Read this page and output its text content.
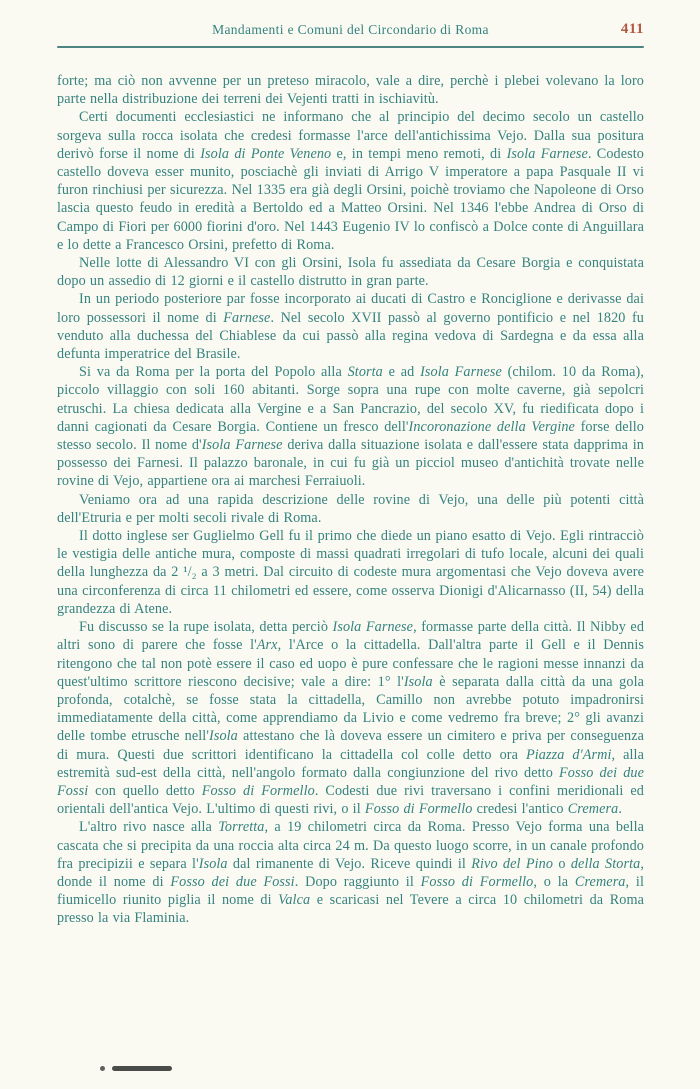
Mandamenti e Comuni del Circondario di Roma	411

forte; ma ciò non avvenne per un preteso miracolo, vale a dire, perchè i plebei volevano la loro parte nella distribuzione dei terreni dei Vejenti tratti in ischiavitù.

Certi documenti ecclesiastici ne informano che al principio del decimo secolo un castello sorgeva sulla rocca isolata che credesi formasse l'arce dell'antichissima Vejo. Dalla sua positura derivò forse il nome di Isola di Ponte Veneno e, in tempi meno remoti, di Isola Farnese. Codesto castello doveva esser munito, posciachè gli inviati di Arrigo V imperatore a papa Pasquale II vi furon rinchiusi per sicurezza. Nel 1335 era già degli Orsini, poichè troviamo che Napoleone di Orso lascia questo feudo in eredità a Bertoldo ed a Matteo Orsini. Nel 1346 l'ebbe Andrea di Orso di Campo di Fiori per 6000 fiorini d'oro. Nel 1443 Eugenio IV lo confiscò a Dolce conte di Anguillara e lo dette a Francesco Orsini, prefetto di Roma.

Nelle lotte di Alessandro VI con gli Orsini, Isola fu assediata da Cesare Borgia e conquistata dopo un assedio di 12 giorni e il castello distrutto in gran parte.

In un periodo posteriore par fosse incorporato ai ducati di Castro e Ronciglione e derivasse dai loro possessori il nome di Farnese. Nel secolo XVII passò al governo pontificio e nel 1820 fu venduto alla duchessa del Chiablese da cui passò alla regina vedova di Sardegna e da essa alla defunta imperatrice del Brasile.

Si va da Roma per la porta del Popolo alla Storta e ad Isola Farnese (chilom. 10 da Roma), piccolo villaggio con soli 160 abitanti. Sorge sopra una rupe con molte caverne, già sepolcri etruschi. La chiesa dedicata alla Vergine e a San Pancrazio, del secolo XV, fu riedificata dopo i danni cagionati da Cesare Borgia. Contiene un fresco dell'Incoronazione della Vergine forse dello stesso secolo. Il nome d'Isola Farnese deriva dalla situazione isolata e dall'essere stata dapprima in possesso dei Farnesi. Il palazzo baronale, in cui fu già un picciol museo d'antichità trovate nelle rovine di Vejo, appartiene ora ai marchesi Ferraiuoli.

Veniamo ora ad una rapida descrizione delle rovine di Vejo, una delle più potenti città dell'Etruria e per molti secoli rivale di Roma.

Il dotto inglese ser Guglielmo Gell fu il primo che diede un piano esatto di Vejo. Egli rintracciò le vestigia delle antiche mura, composte di massi quadrati irregolari di tufo locale, alcuni dei quali della lunghezza da 2 ¹/₂ a 3 metri. Dal circuito di codeste mura argomentasi che Vejo doveva avere una circonferenza di circa 11 chilometri ed essere, come osserva Dionigi d'Alicarnasso (II, 54) della grandezza di Atene.

Fu discusso se la rupe isolata, detta perciò Isola Farnese, formasse parte della città. Il Nibby ed altri sono di parere che fosse l'Arx, l'Arce o la cittadella. Dall'altra parte il Gell e il Dennis ritengono che tal non potè essere il caso ed uopo è pure confessare che le ragioni messe innanzi da quest'ultimo scrittore riescono decisive; vale a dire: 1° l'Isola è separata dalla città da una gola profonda, cotalchè, se fosse stata la cittadella, Camillo non avrebbe potuto impadronirsi immediatamente della città, come apprendiamo da Livio e come vedremo fra breve; 2° gli avanzi delle tombe etrusche nell'Isola attestano che là doveva essere un cimitero e priva per conseguenza di mura. Questi due scrittori identificano la cittadella col colle detto ora Piazza d'Armi, alla estremità sud-est della città, nell'angolo formato dalla congiunzione del rivo detto Fosso dei due Fossi con quello detto Fosso di Formello. Codesti due rivi traversano i confini meridionali ed orientali dell'antica Vejo. L'ultimo di questi rivi, o il Fosso di Formello credesi l'antico Cremera.

L'altro rivo nasce alla Torretta, a 19 chilometri circa da Roma. Presso Vejo forma una bella cascata che si precipita da una roccia alta circa 24 m. Da questo luogo scorre, in un canale profondo fra precipizii e separa l'Isola dal rimanente di Vejo. Riceve quindi il Rivo del Pino o della Storta, donde il nome di Fosso dei due Fossi. Dopo raggiunto il Fosso di Formello, o la Cremera, il fiumicello riunito piglia il nome di Valca e scaricasi nel Tevere a circa 10 chilometri da Roma presso la via Flaminia.
